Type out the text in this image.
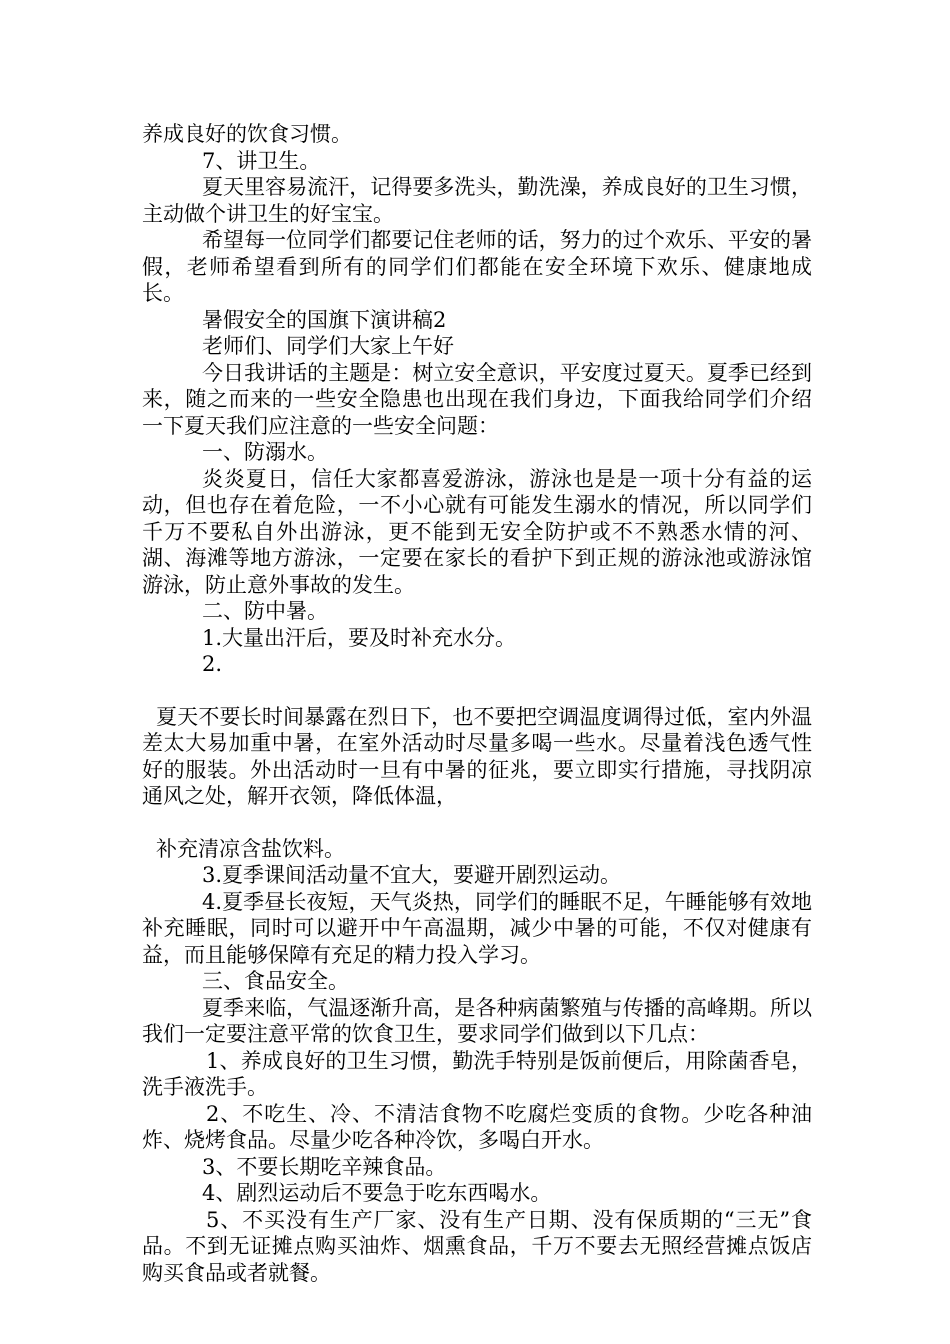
养成良好的饮食习惯。

7、讲卫生。

夏天里容易流汗，记得要多洗头，勤洗澡，养成良好的卫生习惯，主动做个讲卫生的好宝宝。

希望每一位同学们都要记住老师的话，努力的过个欢乐、平安的暑假，老师希望看到所有的同学们们都能在安全环境下欢乐、健康地成长。

暑假安全的国旗下演讲稿2

老师们、同学们大家上午好

今日我讲话的主题是：树立安全意识，平安度过夏天。夏季已经到来，随之而来的一些安全隐患也出现在我们身边，下面我给同学们介绍一下夏天我们应注意的一些安全问题：

一、防溺水。

炎炎夏日，信任大家都喜爱游泳，游泳也是是一项十分有益的运动，但也存在着危险，一不小心就有可能发生溺水的情况，所以同学们千万不要私自外出游泳，更不能到无安全防护或不不熟悉水情的河、湖、海滩等地方游泳，一定要在家长的看护下到正规的游泳池或游泳馆游泳，防止意外事故的发生。

二、防中暑。

1.大量出汗后，要及时补充水分。

2.

夏天不要长时间暴露在烈日下，也不要把空调温度调得过低，室内外温差太大易加重中暑，在室外活动时尽量多喝一些水。尽量着浅色透气性好的服装。外出活动时一旦有中暑的征兆，要立即实行措施，寻找阴凉通风之处，解开衣领，降低体温，

补充清凉含盐饮料。

3.夏季课间活动量不宜大，要避开剧烈运动。

4.夏季昼长夜短，天气炎热，同学们的睡眠不足，午睡能够有效地补充睡眠，同时可以避开中午高温期，减少中暑的可能，不仅对健康有益，而且能够保障有充足的精力投入学习。

三、食品安全。

夏季来临，气温逐渐升高，是各种病菌繁殖与传播的高峰期。所以我们一定要注意平常的饮食卫生，要求同学们做到以下几点：

1、养成良好的卫生习惯，勤洗手特别是饭前便后，用除菌香皂，洗手液洗手。

2、不吃生、冷、不清洁食物不吃腐烂变质的食物。少吃各种油炸、烧烤食品。尽量少吃各种冷饮，多喝白开水。

3、不要长期吃辛辣食品。

4、剧烈运动后不要急于吃东西喝水。

5、不买没有生产厂家、没有生产日期、没有保质期的“三无”食品。不到无证摊点购买油炸、烟熏食品，千万不要去无照经营摊点饭店购买食品或者就餐。
